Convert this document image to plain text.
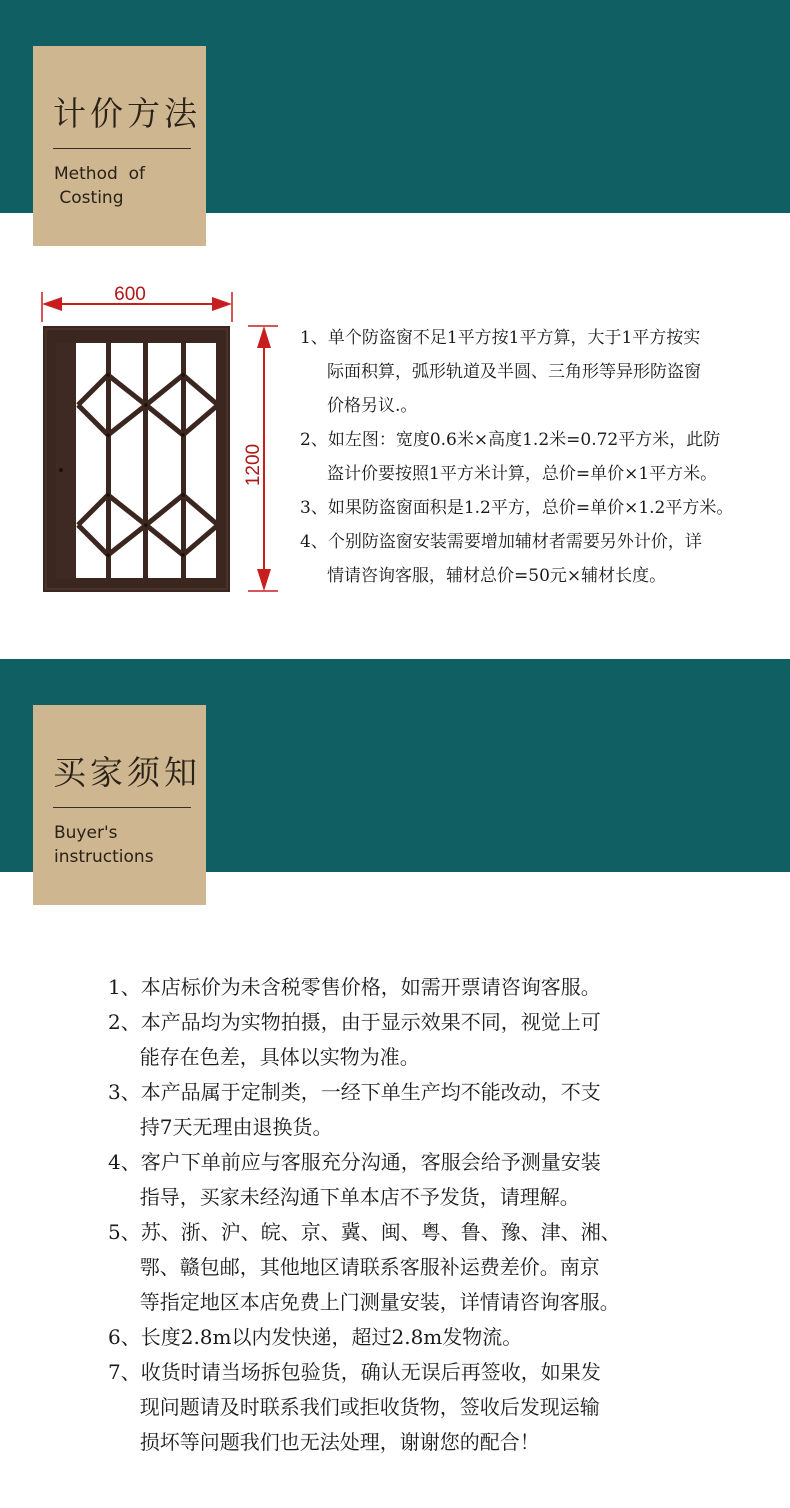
计价方法
Method  of
Costing
600
1200
1、单个防盗窗不足1平方按1平方算，大于1平方按实
际面积算，弧形轨道及半圆、三角形等异形防盗窗
价格另议.。
2、如左图：宽度0.6米×高度1.2米=0.72平方米，此防
盗计价要按照1平方米计算，总价=单价×1平方米。
3、如果防盗窗面积是1.2平方，总价=单价×1.2平方米。
4、个别防盗窗安装需要增加辅材者需要另外计价，详
情请咨询客服，辅材总价=50元×辅材长度。
买家须知
Buyer's
instructions
1、本店标价为未含税零售价格，如需开票请咨询客服。
2、本产品均为实物拍摄，由于显示效果不同，视觉上可
能存在色差，具体以实物为准。
3、本产品属于定制类，一经下单生产均不能改动，不支
持7天无理由退换货。
4、客户下单前应与客服充分沟通，客服会给予测量安装
指导，买家未经沟通下单本店不予发货，请理解。
5、苏、浙、沪、皖、京、冀、闽、粤、鲁、豫、津、湘、
鄂、赣包邮，其他地区请联系客服补运费差价。南京
等指定地区本店免费上门测量安装，详情请咨询客服。
6、长度2.8m以内发快递，超过2.8m发物流。
7、收货时请当场拆包验货，确认无误后再签收，如果发
现问题请及时联系我们或拒收货物，签收后发现运输
损坏等问题我们也无法处理，谢谢您的配合！
